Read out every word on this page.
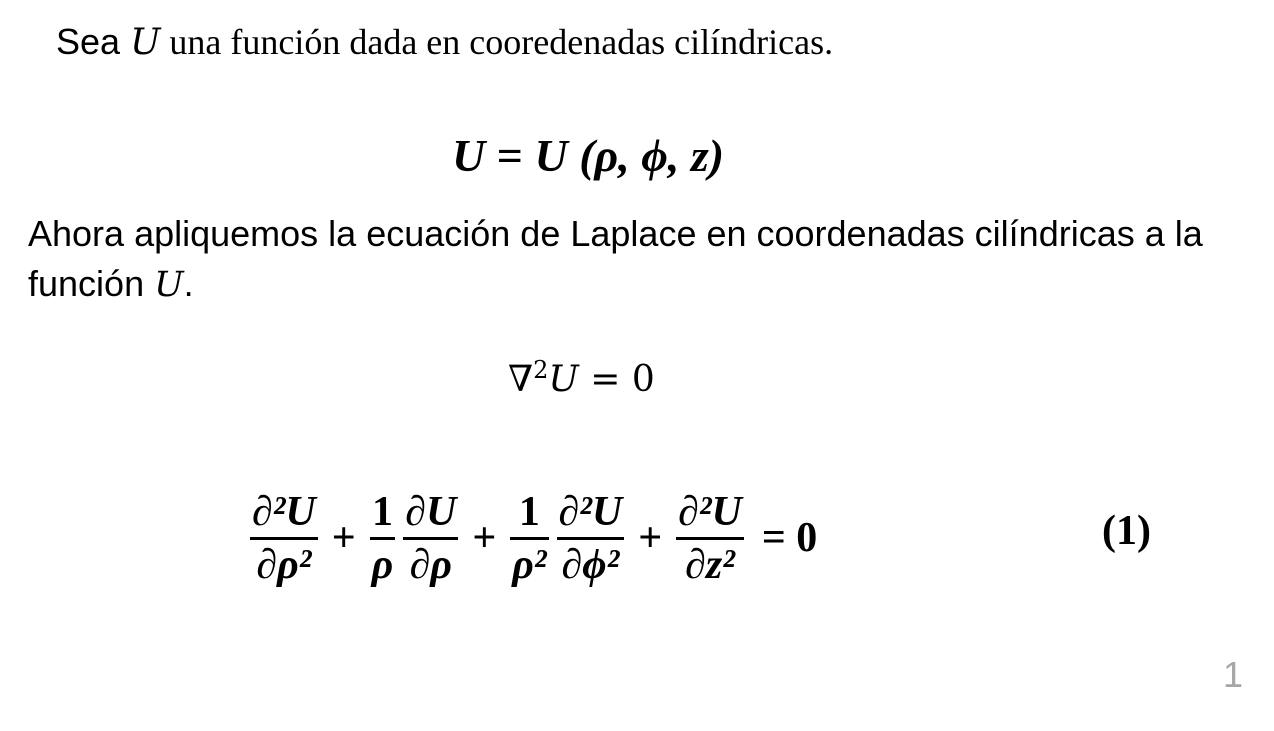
Sea U una función dada en cooredenadas cilíndricas.
U = U (ρ, ϕ, z)
Ahora apliquemos la ecuación de Laplace en coordenadas cilíndricas a la función U.
∇$^2$U = 0
$\frac{\text{∂²U}}{\text{∂ρ²}} + \frac{1}{\rho} \frac{\partial U}{\partial\rho} + \frac{1}{\text{ρ²}} \frac{\text{∂²U}}{\text{∂ϕ²}} + \frac{\text{∂²U}}{\text{∂z²}} = 0$	(1)
1
